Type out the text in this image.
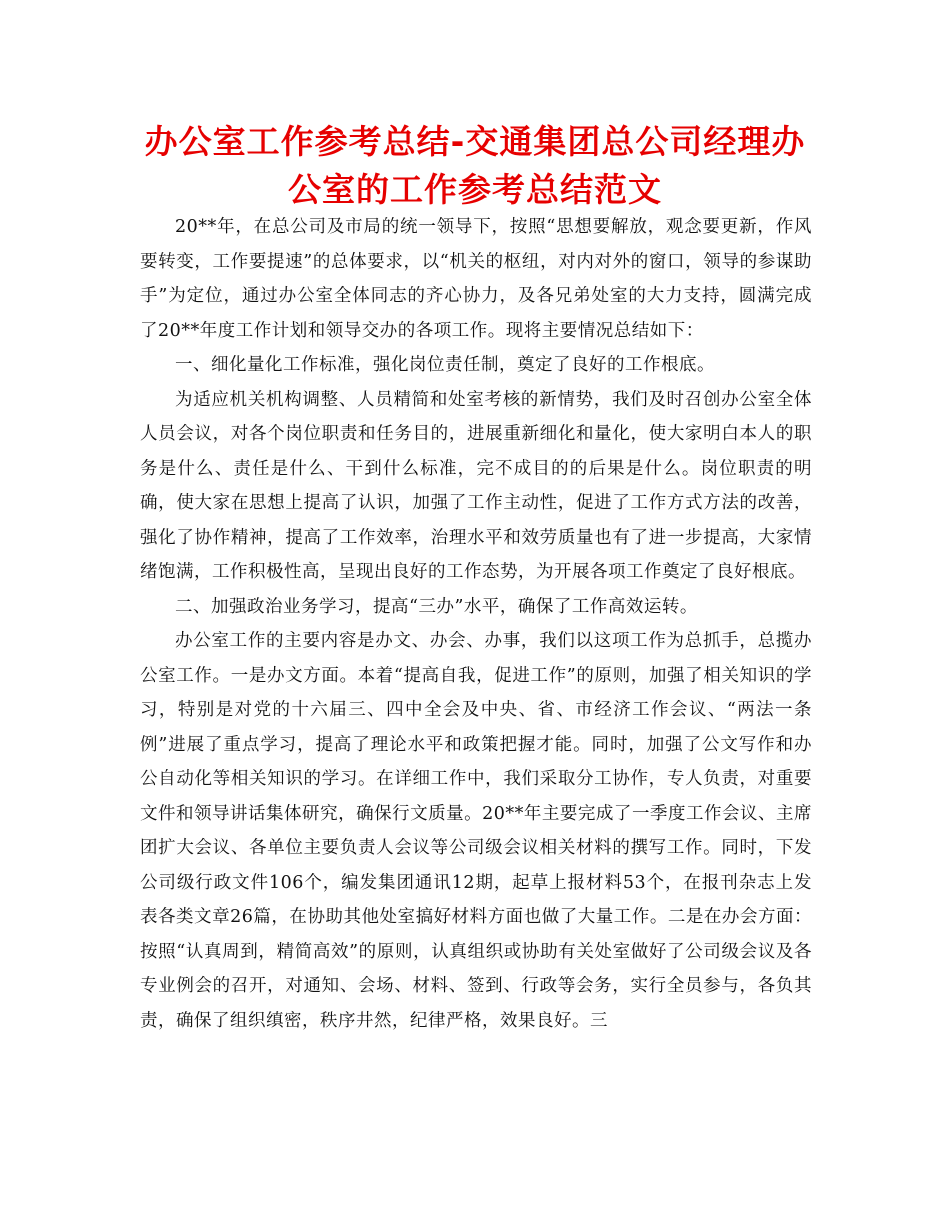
办公室工作参考总结-交通集团总公司经理办公室的工作参考总结范文

20**年，在总公司及市局的统一领导下，按照“思想要解放，观念要更新，作风要转变，工作要提速”的总体要求，以“机关的枢纽，对内对外的窗口，领导的参谋助手”为定位，通过办公室全体同志的齐心协力，及各兄弟处室的大力支持，圆满完成了20**年度工作计划和领导交办的各项工作。现将主要情况总结如下：

一、细化量化工作标准，强化岗位责任制，奠定了良好的工作根底。

为适应机关机构调整、人员精简和处室考核的新情势，我们及时召创办公室全体人员会议，对各个岗位职责和任务目的，进展重新细化和量化，使大家明白本人的职务是什么、责任是什么、干到什么标准，完不成目的的后果是什么。岗位职责的明确，使大家在思想上提高了认识，加强了工作主动性，促进了工作方式方法的改善，强化了协作精神，提高了工作效率，治理水平和效劳质量也有了进一步提高，大家情绪饱满，工作积极性高，呈现出良好的工作态势，为开展各项工作奠定了良好根底。

二、加强政治业务学习，提高“三办”水平，确保了工作高效运转。

办公室工作的主要内容是办文、办会、办事，我们以这项工作为总抓手，总揽办公室工作。一是办文方面。本着“提高自我，促进工作”的原则，加强了相关知识的学习，特别是对党的十六届三、四中全会及中央、省、市经济工作会议、“两法一条例”进展了重点学习，提高了理论水平和政策把握才能。同时，加强了公文写作和办公自动化等相关知识的学习。在详细工作中，我们采取分工协作，专人负责，对重要文件和领导讲话集体研究，确保行文质量。20**年主要完成了一季度工作会议、主席团扩大会议、各单位主要负责人会议等公司级会议相关材料的撰写工作。同时，下发公司级行政文件106个，编发集团通讯12期，起草上报材料53个，在报刊杂志上发表各类文章26篇，在协助其他处室搞好材料方面也做了大量工作。二是在办会方面：按照“认真周到，精简高效”的原则，认真组织或协助有关处室做好了公司级会议及各专业例会的召开，对通知、会场、材料、签到、行政等会务，实行全员参与，各负其责，确保了组织缜密，秩序井然，纪律严格，效果良好。三
